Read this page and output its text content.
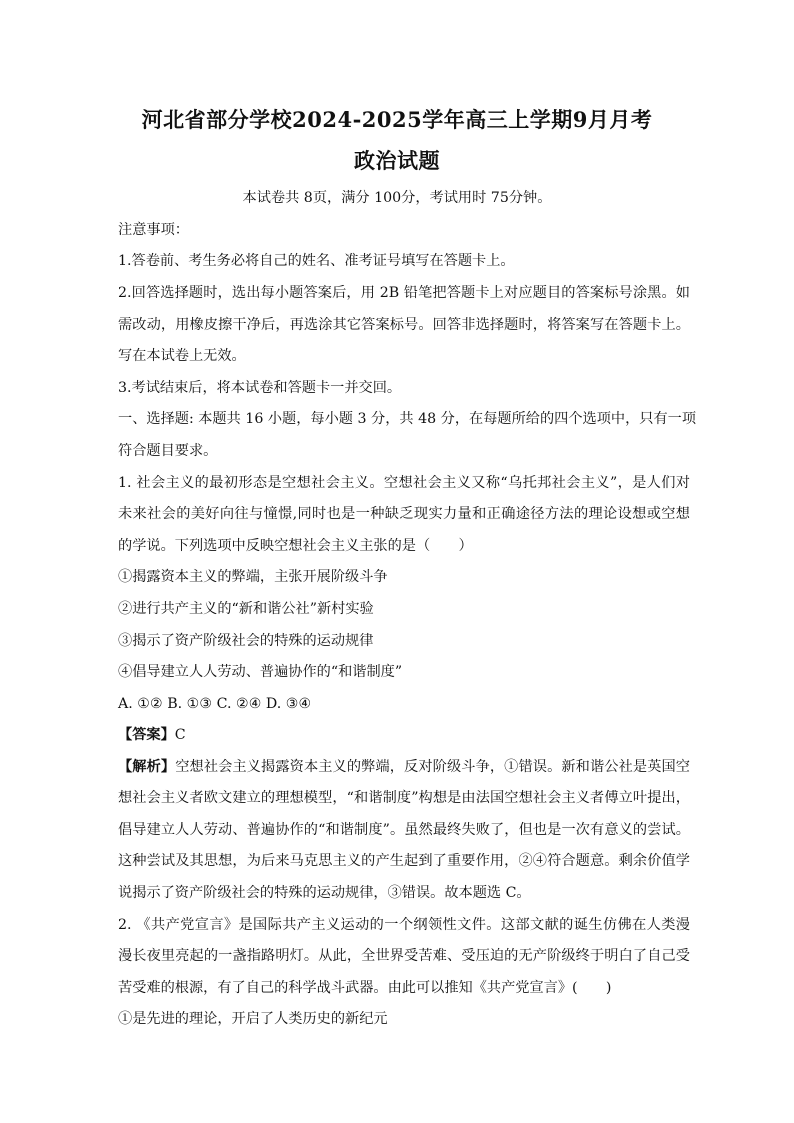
河北省部分学校2024-2025学年高三上学期9月月考
政治试题
本试卷共 8页，满分 100分，考试用时 75分钟。
注意事项：
1.答卷前、考生务必将自己的姓名、准考证号填写在答题卡上。
2.回答选择题时，选出每小题答案后，用 2B 铅笔把答题卡上对应题目的答案标号涂黑。如
需改动，用橡皮擦干净后，再选涂其它答案标号。回答非选择题时，将答案写在答题卡上。
写在本试卷上无效。
3.考试结束后，将本试卷和答题卡一并交回。
一、选择题: 本题共 16 小题，每小题 3 分，共 48 分，在每题所给的四个选项中，只有一项
符合题目要求。
1. 社会主义的最初形态是空想社会主义。空想社会主义又称“乌托邦社会主义”，是人们对
未来社会的美好向往与憧憬,同时也是一种缺乏现实力量和正确途径方法的理论设想或空想
的学说。下列选项中反映空想社会主义主张的是（　　）
①揭露资本主义的弊端，主张开展阶级斗争
②进行共产主义的“新和谐公社”新村实验
③揭示了资产阶级社会的特殊的运动规律
④倡导建立人人劳动、普遍协作的“和谐制度”
A. ①② B. ①③ C. ②④ D. ③④
【答案】C
【解析】空想社会主义揭露资本主义的弊端，反对阶级斗争，①错误。新和谐公社是英国空
想社会主义者欧文建立的理想模型，“和谐制度”构想是由法国空想社会主义者傅立叶提出，
倡导建立人人劳动、普遍协作的“和谐制度”。虽然最终失败了，但也是一次有意义的尝试。
这种尝试及其思想，为后来马克思主义的产生起到了重要作用，②④符合题意。剩余价值学
说揭示了资产阶级社会的特殊的运动规律，③错误。故本题选 C。
2. 《共产党宣言》是国际共产主义运动的一个纲领性文件。这部文献的诞生仿佛在人类漫
漫长夜里亮起的一盏指路明灯。从此，全世界受苦难、受压迫的无产阶级终于明白了自己受
苦受难的根源，有了自己的科学战斗武器。由此可以推知《共产党宣言》(　　)
①是先进的理论，开启了人类历史的新纪元
